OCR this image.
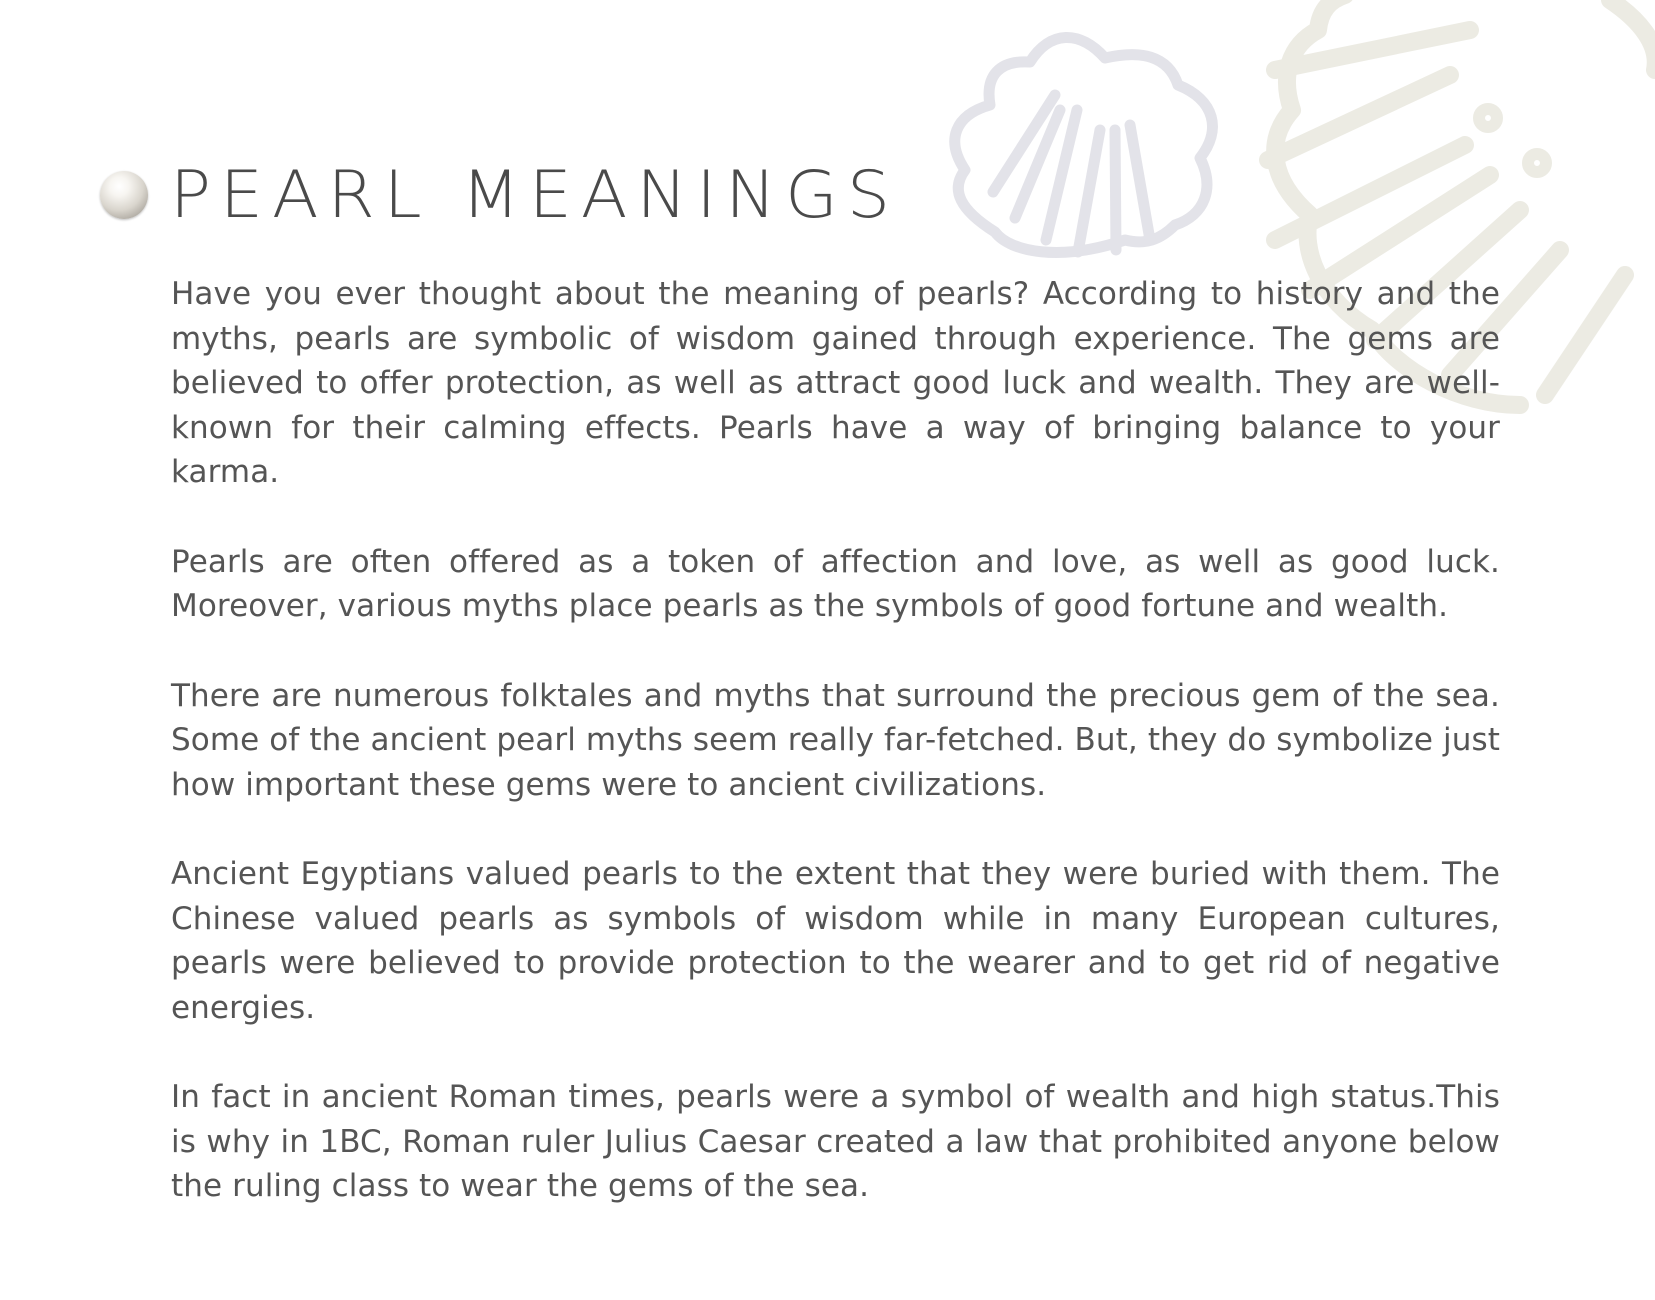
PEARL MEANINGS

Have you ever thought about the meaning of pearls? According to history and the myths, pearls are symbolic of wisdom gained through experience. The gems are believed to offer protection, as well as attract good luck and wealth. They are well-known for their calming effects. Pearls have a way of bringing balance to your karma.

Pearls are often offered as a token of affection and love, as well as good luck. Moreover, various myths place pearls as the symbols of good fortune and wealth.

There are numerous folktales and myths that surround the precious gem of the sea. Some of the ancient pearl myths seem really far-fetched. But, they do symbolize just how important these gems were to ancient civilizations.

Ancient Egyptians valued pearls to the extent that they were buried with them. The Chinese valued pearls as symbols of wisdom while in many European cultures, pearls were believed to provide protection to the wearer and to get rid of negative energies.

In fact in ancient Roman times, pearls were a symbol of wealth and high status.This is why in 1BC, Roman ruler Julius Caesar created a law that prohibited anyone below the ruling class to wear the gems of the sea.
